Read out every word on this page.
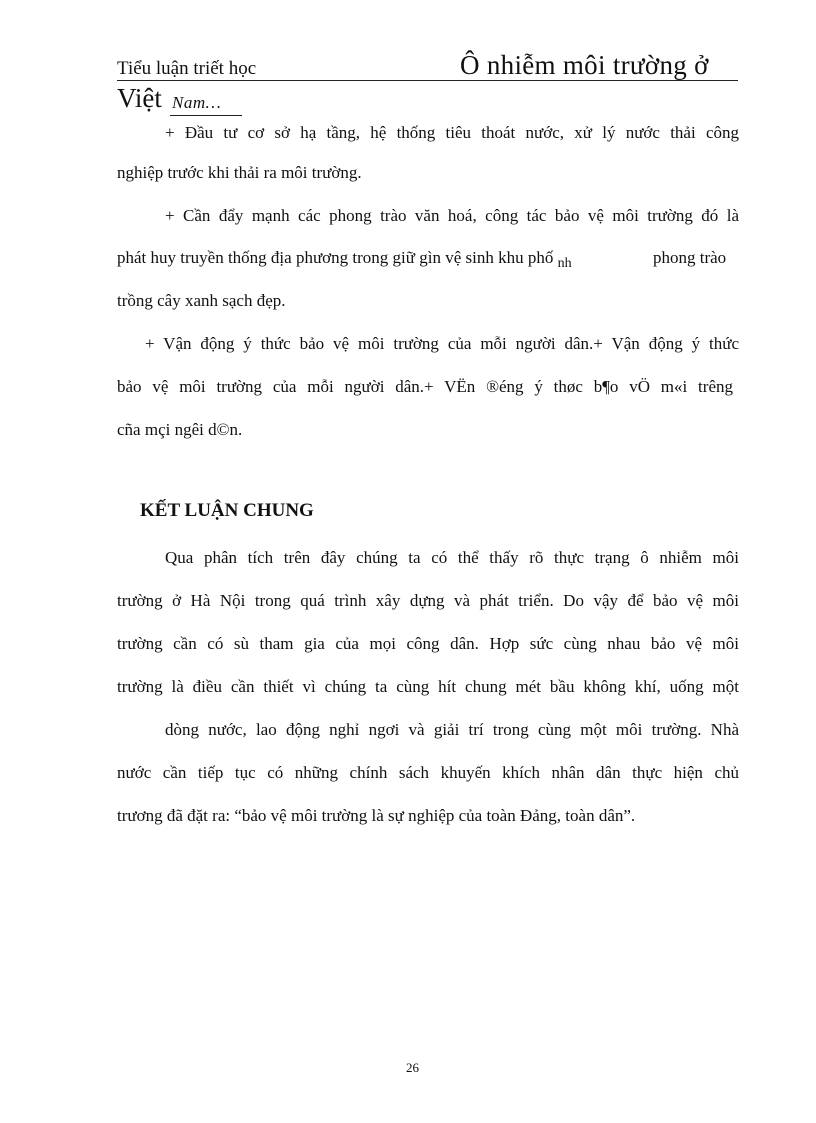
Tiểu luận triết học	Ô nhiễm môi trường ở
Việt Nam…
+ Đầu tư cơ sở hạ tầng, hệ thống tiêu thoát nước, xử lý nước thải công
nghiệp trước khi thải ra môi trường.
+ Cần đẩy mạnh các phong trào văn hoá, công tác bảo vệ môi trường đó là
phát huy truyền thống địa phương trong giữ gìn vệ sinh khu phố $_{nh}$	phong trào
trồng cây xanh sạch đẹp.
+ Vận động ý thức bảo vệ môi trường của mỗi người dân.+ Vận động ý thức
bảo vệ môi trường của mỗi người dân.+ VËn ®éng ý thøc b¶o vÖ m«i trêng
cña mçi ngêi d©n.
KẾT LUẬN CHUNG
Qua phân tích trên đây chúng ta có thể thấy rõ thực trạng ô nhiễm môi
trường ở Hà Nội trong quá trình xây dựng và phát triển. Do vậy để bảo vệ môi
trường cần có sù tham gia của mọi công dân. Hợp sức cùng nhau bảo vệ môi
trường là điều cần thiết vì chúng ta cùng hít chung mét bầu không khí, uống một
dòng nước, lao động nghỉ ngơi và giải trí trong cùng một môi trường. Nhà
nước cần tiếp tục có những chính sách khuyến khích nhân dân thực hiện chủ
trương đã đặt ra: “bảo vệ môi trường là sự nghiệp của toàn Đảng, toàn dân”.
26
